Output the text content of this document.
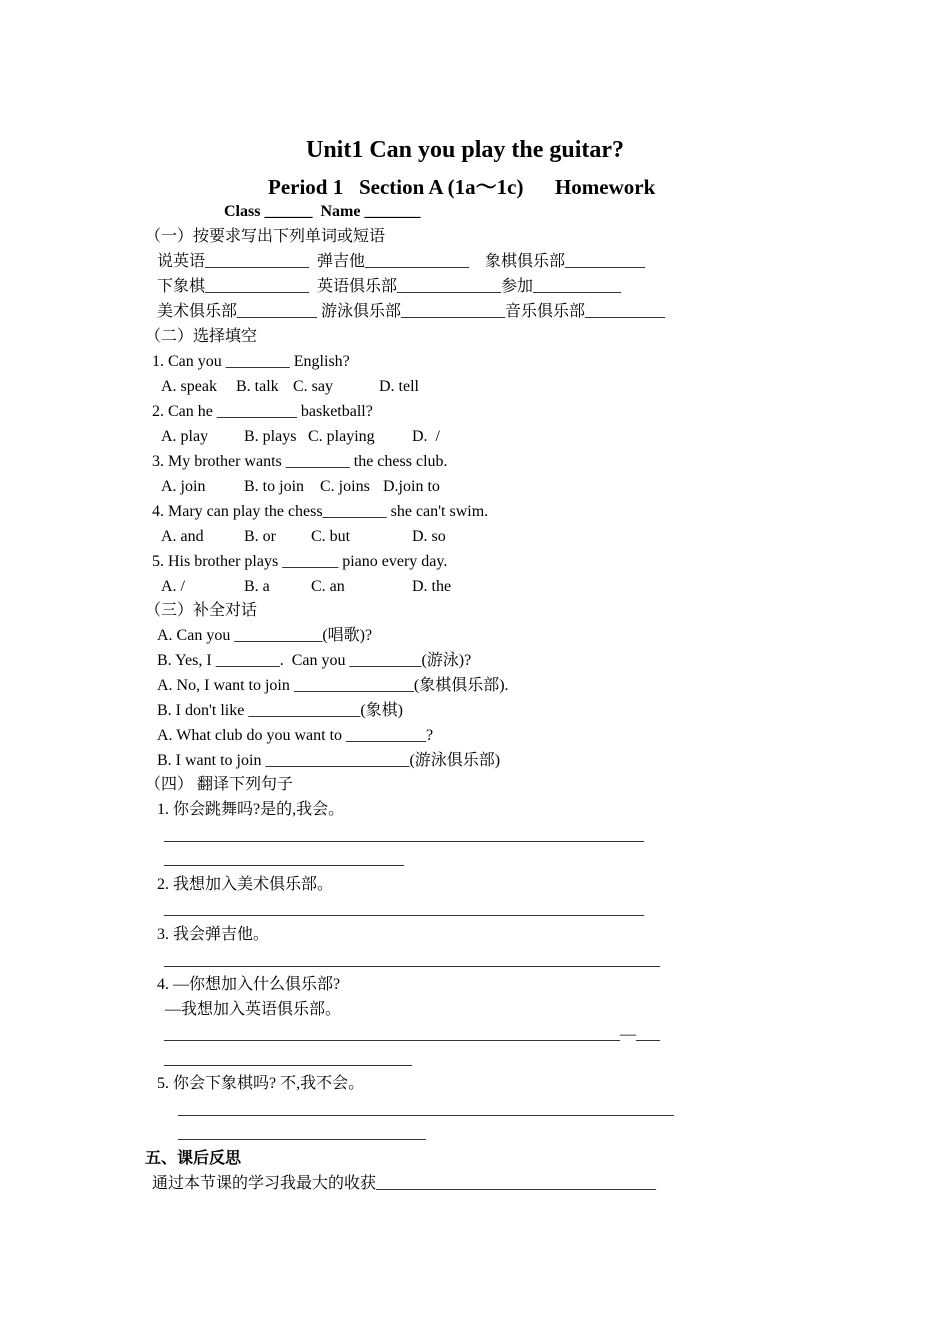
Unit1 Can you play the guitar?
Period 1   Section A (1a～1c)      Homework
Class ______  Name _______
（一）按要求写出下列单词或短语
说英语_____________  弹吉他_____________    象棋俱乐部__________
下象棋_____________  英语俱乐部_____________参加___________
美术俱乐部__________ 游泳俱乐部_____________音乐俱乐部__________
（二）选择填空
1. Can you ________ English?
A. speak B. talk C. say	D. tell
2. Can he __________ basketball?
A. play B. plays C. playing D.  /
3. My brother wants ________ the chess club.
A. join B. to join C. joins D.join to
4. Mary can play the chess________ she can't swim.
A. and	B. or C. but	D. so
5. His brother plays _______ piano every day.
A. /	B. a	C. an	D. the
（三）补全对话
A. Can you ___________(唱歌)?
B. Yes, I ________.  Can you _________(游泳)?
A. No, I want to join _______________(象棋俱乐部).
B. I don't like ______________(象棋)
A. What club do you want to __________?
B. I want to join __________________(游泳俱乐部)
（四） 翻译下列句子
1. 你会跳舞吗?是的,我会。
____________________________________________________________
______________________________
2. 我想加入美术俱乐部。
____________________________________________________________
3. 我会弹吉他。
______________________________________________________________
4. —你想加入什么俱乐部?
—我想加入英语俱乐部。
_________________________________________________________—___
_______________________________
5. 你会下象棋吗? 不,我不会。
______________________________________________________________
_______________________________
五、课后反思
通过本节课的学习我最大的收获___________________________________
